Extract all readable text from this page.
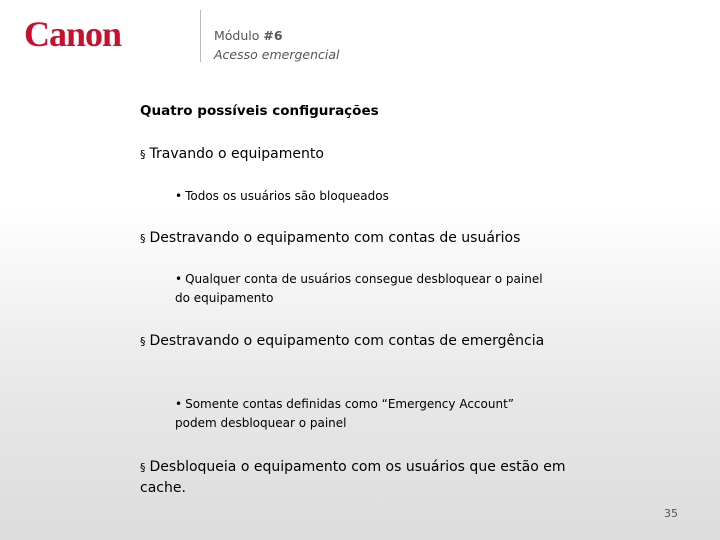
Canon	Módulo #6
Acesso emergencial
Quatro possíveis configurações
§ Travando o equipamento
• Todos os usuários são bloqueados
§ Destravando o equipamento com contas de usuários
• Qualquer conta de usuários consegue desbloquear o painel do equipamento
§ Destravando o equipamento com contas de emergência
• Somente contas definidas como “Emergency Account” podem desbloquear o painel
§ Desbloqueia o equipamento com os usuários que estão em cache.
35
